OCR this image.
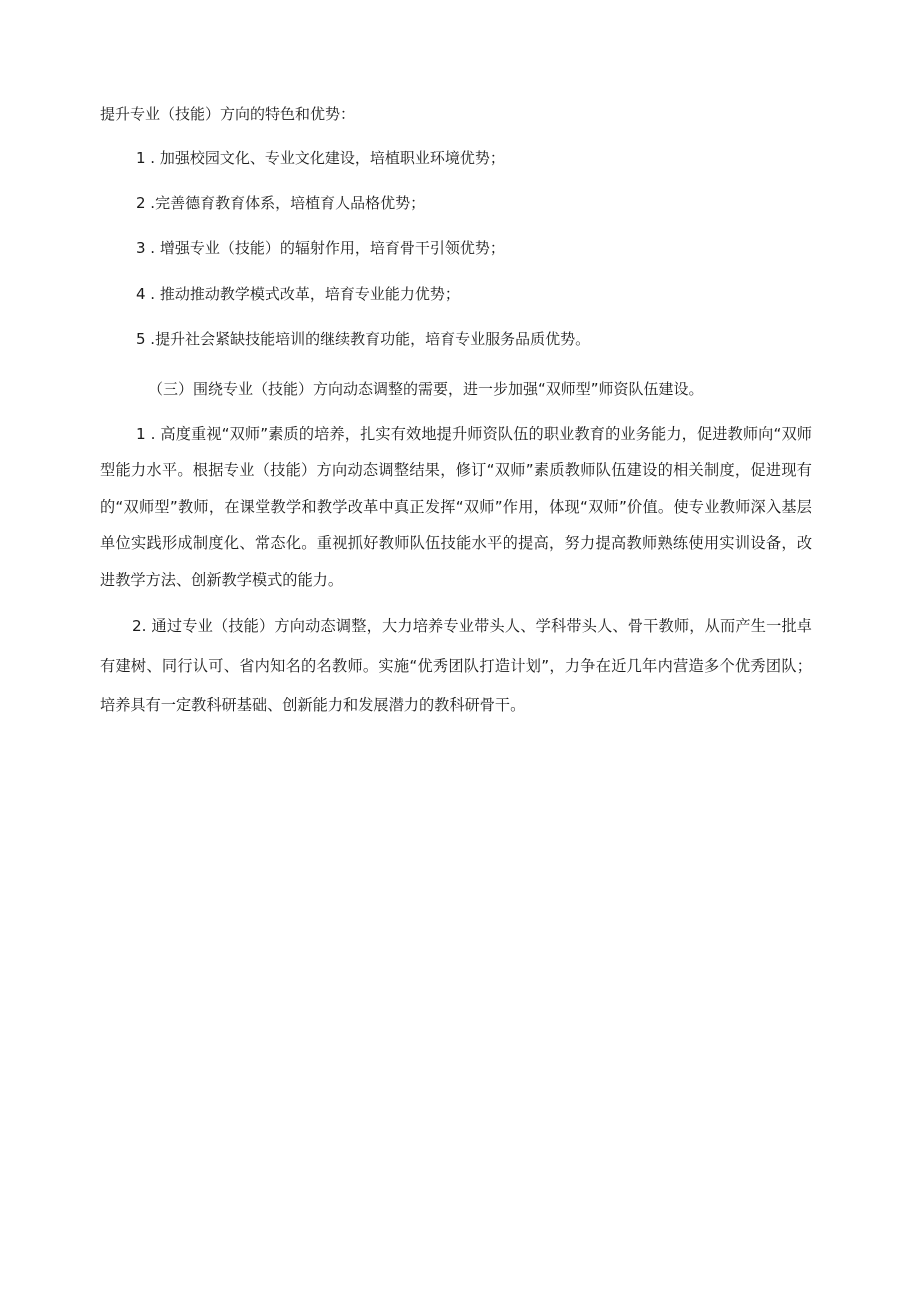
提升专业（技能）方向的特色和优势：
1 . 加强校园文化、专业文化建设，培植职业环境优势；
2 .完善德育教育体系，培植育人品格优势；
3 . 增强专业（技能）的辐射作用，培育骨干引领优势；
4 . 推动推动教学模式改革，培育专业能力优势；
5 .提升社会紧缺技能培训的继续教育功能，培育专业服务品质优势。
（三）围绕专业（技能）方向动态调整的需要，进一步加强“双师型”师资队伍建设。
1 . 高度重视“双师”素质的培养，扎实有效地提升师资队伍的职业教育的业务能力，促进教师向“双师型能力水平。根据专业（技能）方向动态调整结果，修订“双师”素质教师队伍建设的相关制度，促进现有的“双师型”教师，在课堂教学和教学改革中真正发挥“双师”作用，体现“双师”价值。使专业教师深入基层单位实践形成制度化、常态化。重视抓好教师队伍技能水平的提高，努力提高教师熟练使用实训设备，改进教学方法、创新教学模式的能力。
2. 通过专业（技能）方向动态调整，大力培养专业带头人、学科带头人、骨干教师，从而产生一批卓有建树、同行认可、省内知名的名教师。实施“优秀团队打造计划”，力争在近几年内营造多个优秀团队；培养具有一定教科研基础、创新能力和发展潜力的教科研骨干。
